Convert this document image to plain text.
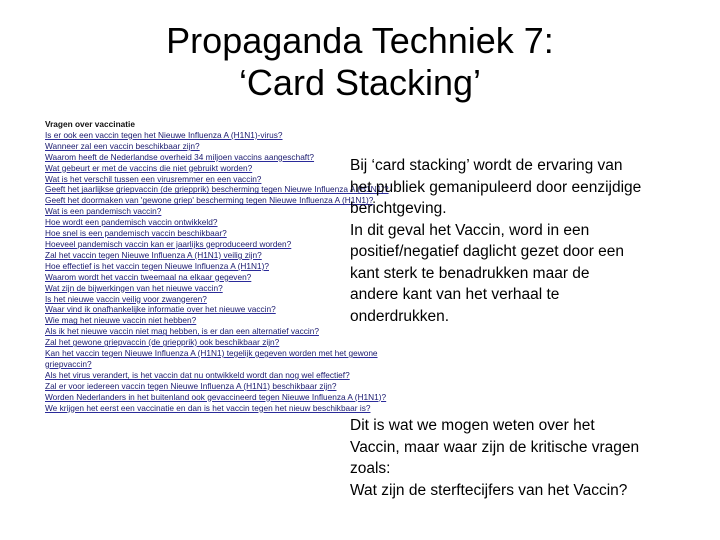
Propaganda Techniek 7:
‘Card Stacking’
Vragen over vaccinatie
Is er ook een vaccin tegen het Nieuwe Influenza A (H1N1)-virus?
Wanneer zal een vaccin beschikbaar zijn?
Waarom heeft de Nederlandse overheid 34 miljoen vaccins aangeschaft?
Wat gebeurt er met de vaccins die niet gebruikt worden?
Wat is het verschil tussen een virusremmer en een vaccin?
Geeft het jaarlijkse griepvaccin (de griepprik) bescherming tegen Nieuwe Influenza A (H1N1)?
Geeft het doormaken van 'gewone griep' bescherming tegen Nieuwe Influenza A (H1N1)?
Wat is een pandemisch vaccin?
Hoe wordt een pandemisch vaccin ontwikkeld?
Hoe snel is een pandemisch vaccin beschikbaar?
Hoeveel pandemisch vaccin kan er jaarlijks geproduceerd worden?
Zal het vaccin tegen Nieuwe Influenza A (H1N1) veilig zijn?
Hoe effectief is het vaccin tegen Nieuwe Influenza A (H1N1)?
Waarom wordt het vaccin tweemaal na elkaar gegeven?
Wat zijn de bijwerkingen van het nieuwe vaccin?
Is het nieuwe vaccin veilig voor zwangeren?
Waar vind ik onafhankelijke informatie over het nieuwe vaccin?
Wie mag het nieuwe vaccin niet hebben?
Als ik het nieuwe vaccin niet mag hebben, is er dan een alternatief vaccin?
Zal het gewone griepvaccin (de griepprik) ook beschikbaar zijn?
Kan het vaccin tegen Nieuwe Influenza A (H1N1) tegelijk gegeven worden met het gewone
griepvaccin?
Als het virus verandert, is het vaccin dat nu ontwikkeld wordt dan nog wel effectief?
Zal er voor iedereen vaccin tegen Nieuwe Influenza A (H1N1) beschikbaar zijn?
Worden Nederlanders in het buitenland ook gevaccineerd tegen Nieuwe Influenza A (H1N1)?
We krijgen het eerst een vaccinatie en dan is het vaccin tegen het nieuw beschikbaar is?
Bij ‘card stacking’ wordt de ervaring van
het publiek gemanipuleerd door eenzijdige
berichtgeving.
In dit geval het Vaccin, word in een
positief/negatief daglicht gezet door een
kant sterk te benadrukken maar de
andere kant van het verhaal te
onderdrukken.
Dit is wat we mogen weten over het
Vaccin, maar waar zijn de kritische vragen
zoals:
Wat zijn de sterftecijfers van het Vaccin?
